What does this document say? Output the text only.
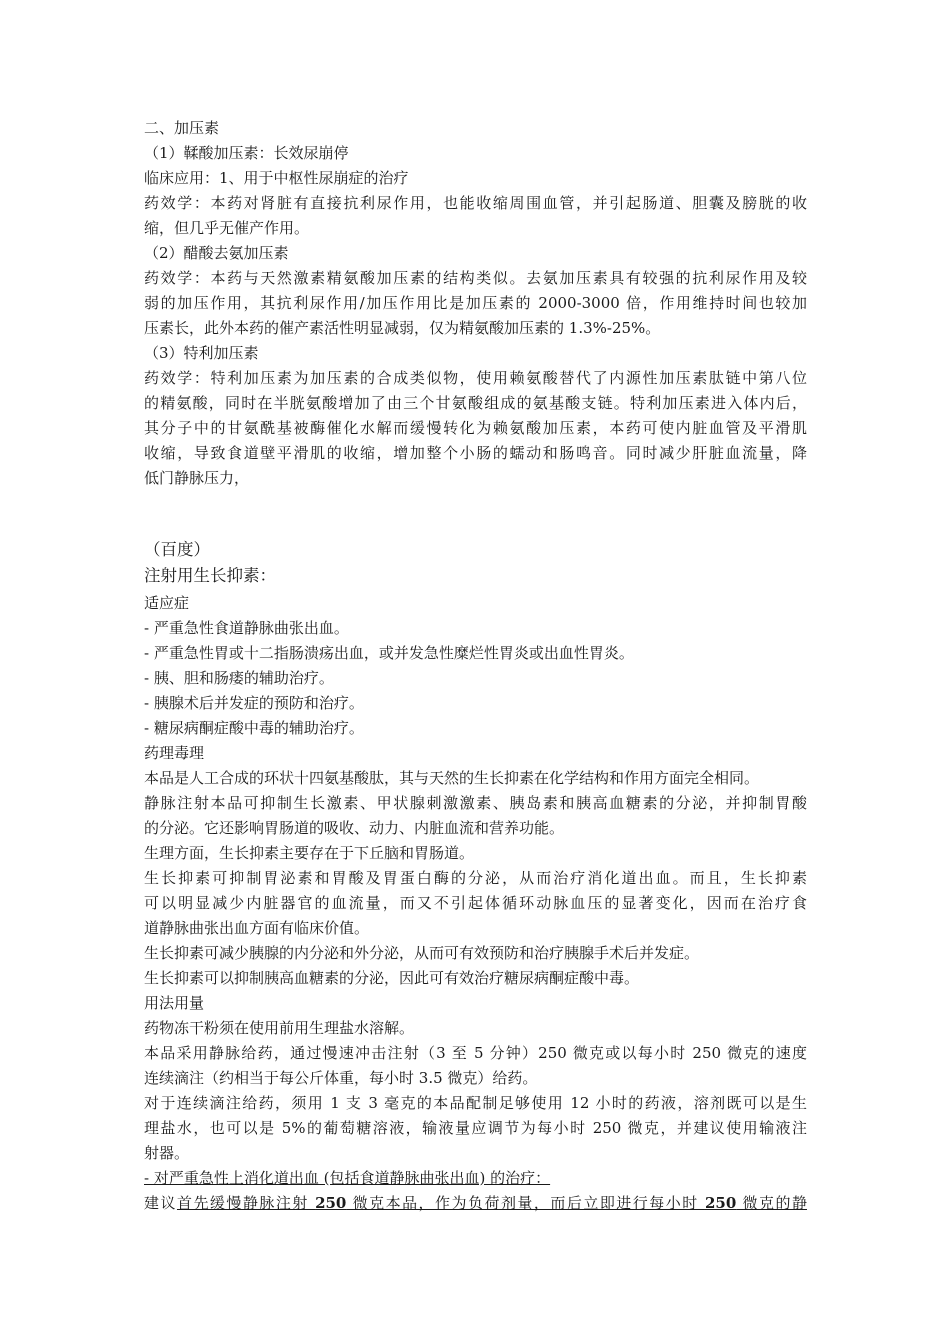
二、加压素
（1）鞣酸加压素：长效尿崩停
临床应用：1、用于中枢性尿崩症的治疗
药效学：本药对肾脏有直接抗利尿作用，也能收缩周围血管，并引起肠道、胆囊及膀胱的收
缩，但几乎无催产作用。
（2）醋酸去氨加压素
药效学：本药与天然激素精氨酸加压素的结构类似。去氨加压素具有较强的抗利尿作用及较
弱的加压作用，其抗利尿作用/加压作用比是加压素的 2000-3000 倍，作用维持时间也较加
压素长，此外本药的催产素活性明显减弱，仅为精氨酸加压素的 1.3%-25%。
（3）特利加压素
药效学：特利加压素为加压素的合成类似物，使用赖氨酸替代了内源性加压素肽链中第八位
的精氨酸，同时在半胱氨酸增加了由三个甘氨酸组成的氨基酸支链。特利加压素进入体内后，
其分子中的甘氨酰基被酶催化水解而缓慢转化为赖氨酸加压素，本药可使内脏血管及平滑肌
收缩，导致食道壁平滑肌的收缩，增加整个小肠的蠕动和肠鸣音。同时减少肝脏血流量，降
低门静脉压力，
（百度）
注射用生长抑素：
适应症
- 严重急性食道静脉曲张出血。
- 严重急性胃或十二指肠溃疡出血，或并发急性糜烂性胃炎或出血性胃炎。
- 胰、胆和肠瘘的辅助治疗。
- 胰腺术后并发症的预防和治疗。
- 糖尿病酮症酸中毒的辅助治疗。
药理毒理
本品是人工合成的环状十四氨基酸肽，其与天然的生长抑素在化学结构和作用方面完全相同。
静脉注射本品可抑制生长激素、甲状腺刺激激素、胰岛素和胰高血糖素的分泌，并抑制胃酸
的分泌。它还影响胃肠道的吸收、动力、内脏血流和营养功能。
生理方面，生长抑素主要存在于下丘脑和胃肠道。
生长抑素可抑制胃泌素和胃酸及胃蛋白酶的分泌，从而治疗消化道出血。而且，生长抑素
可以明显减少内脏器官的血流量，而又不引起体循环动脉血压的显著变化，因而在治疗食
道静脉曲张出血方面有临床价值。
生长抑素可减少胰腺的内分泌和外分泌，从而可有效预防和治疗胰腺手术后并发症。
生长抑素可以抑制胰高血糖素的分泌，因此可有效治疗糖尿病酮症酸中毒。
用法用量
药物冻干粉须在使用前用生理盐水溶解。
本品采用静脉给药，通过慢速冲击注射（3 至 5 分钟）250 微克或以每小时 250 微克的速度
连续滴注（约相当于每公斤体重，每小时 3.5 微克）给药。
对于连续滴注给药，须用 1 支 3 毫克的本品配制足够使用 12 小时的药液，溶剂既可以是生
理盐水，也可以是 5%的葡萄糖溶液，输液量应调节为每小时 250 微克，并建议使用输液注
射器。
- 对严重急性上消化道出血 (包括食道静脉曲张出血) 的治疗：
建议首先缓慢静脉注射 250 微克本品，作为负荷剂量，而后立即进行每小时 250 微克的静
